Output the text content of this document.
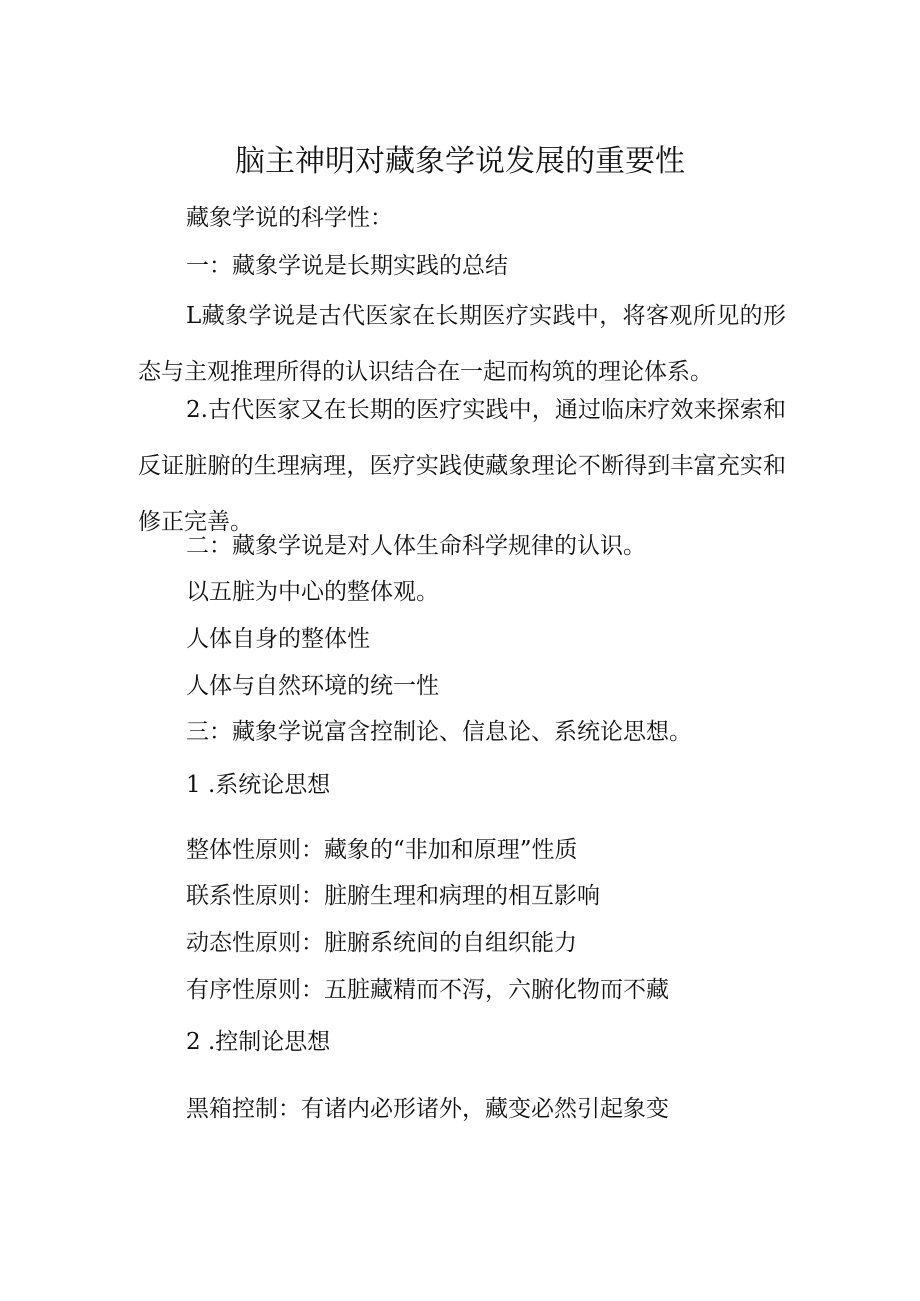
脑主神明对藏象学说发展的重要性
藏象学说的科学性：
一：藏象学说是长期实践的总结
L藏象学说是古代医家在长期医疗实践中，将客观所见的形态与主观推理所得的认识结合在一起而构筑的理论体系。
2.古代医家又在长期的医疗实践中，通过临床疗效来探索和反证脏腑的生理病理，医疗实践使藏象理论不断得到丰富充实和修正完善。
二：藏象学说是对人体生命科学规律的认识。
以五脏为中心的整体观。
人体自身的整体性
人体与自然环境的统一性
三：藏象学说富含控制论、信息论、系统论思想。
1 .系统论思想
整体性原则：藏象的“非加和原理”性质
联系性原则：脏腑生理和病理的相互影响
动态性原则：脏腑系统间的自组织能力
有序性原则：五脏藏精而不泻，六腑化物而不藏
2 .控制论思想
黑箱控制：有诸内必形诸外，藏变必然引起象变
